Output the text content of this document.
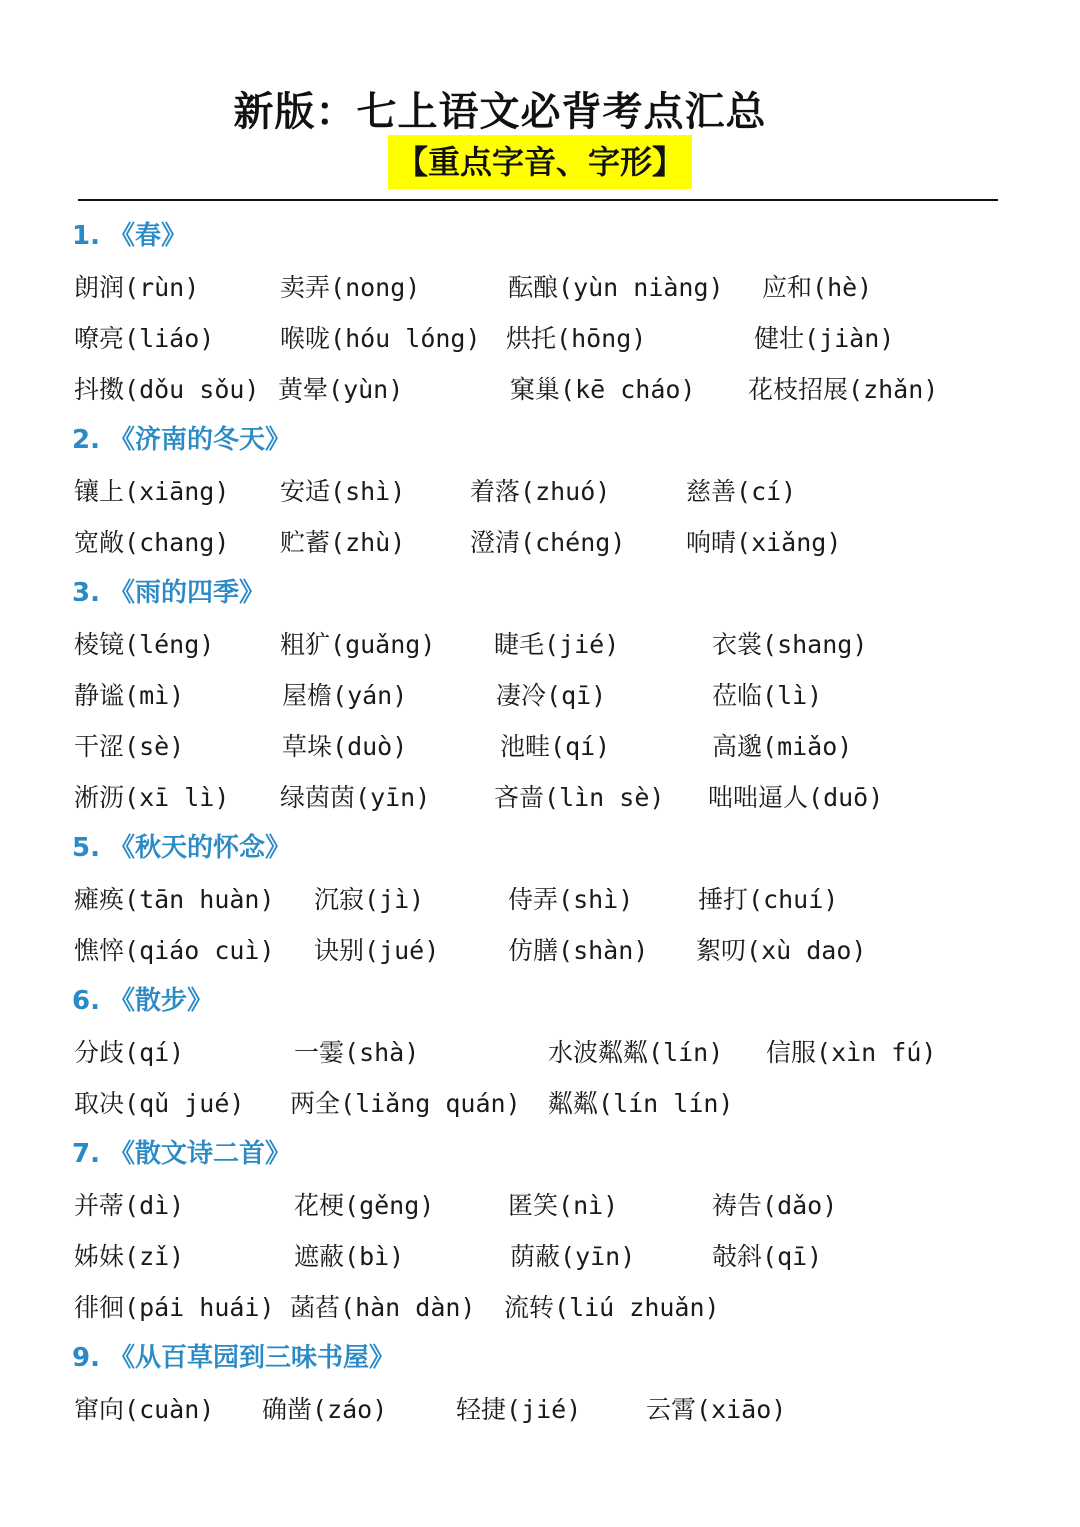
新版：七上语文必背考点汇总
【重点字音、字形】
1. 《春》
朗润(rùn)	卖弄(nong)	酝酿(yùn niàng) 应和(hè)
嘹亮(liáo)	喉咙(hóu lóng) 烘托(hōng)	健壮(jiàn)
抖擞(dǒu sǒu) 黄晕(yùn)	窠巢(kē cháo) 花枝招展(zhǎn)
2. 《济南的冬天》
镶上(xiāng) 安适(shì)	着落(zhuó)	慈善(cí)
宽敞(chang) 贮蓄(zhù)	澄清(chéng) 响晴(xiǎng)
3. 《雨的四季》
棱镜(léng)	粗犷(guǎng) 睫毛(jié)	衣裳(shang)
静谧(mì)	屋檐(yán)	凄冷(qī)	莅临(lì)
干涩(sè)	草垛(duò)	池畦(qí)	高邈(miǎo)
淅沥(xī lì) 绿茵茵(yīn)	吝啬(lìn sè) 咄咄逼人(duō)
5. 《秋天的怀念》
瘫痪(tān huàn) 沉寂(jì)	侍弄(shì)	捶打(chuí)
憔悴(qiáo cuì) 诀别(jué)	仿膳(shàn) 絮叨(xù dao)
6. 《散步》
分歧(qí)	一霎(shà)	水波粼粼(lín) 信服(xìn fú)
取决(qǔ jué) 两全(liǎng quán) 粼粼(lín lín)
7. 《散文诗二首》
并蒂(dì)	花梗(gěng)	匿笑(nì)	祷告(dǎo)
姊妹(zǐ)	遮蔽(bì)	荫蔽(yīn)	攲斜(qī)
徘徊(pái huái) 菡萏(hàn dàn) 流转(liú zhuǎn)
9. 《从百草园到三味书屋》
窜向(cuàn) 确凿(záo)	轻捷(jié)	云霄(xiāo)
